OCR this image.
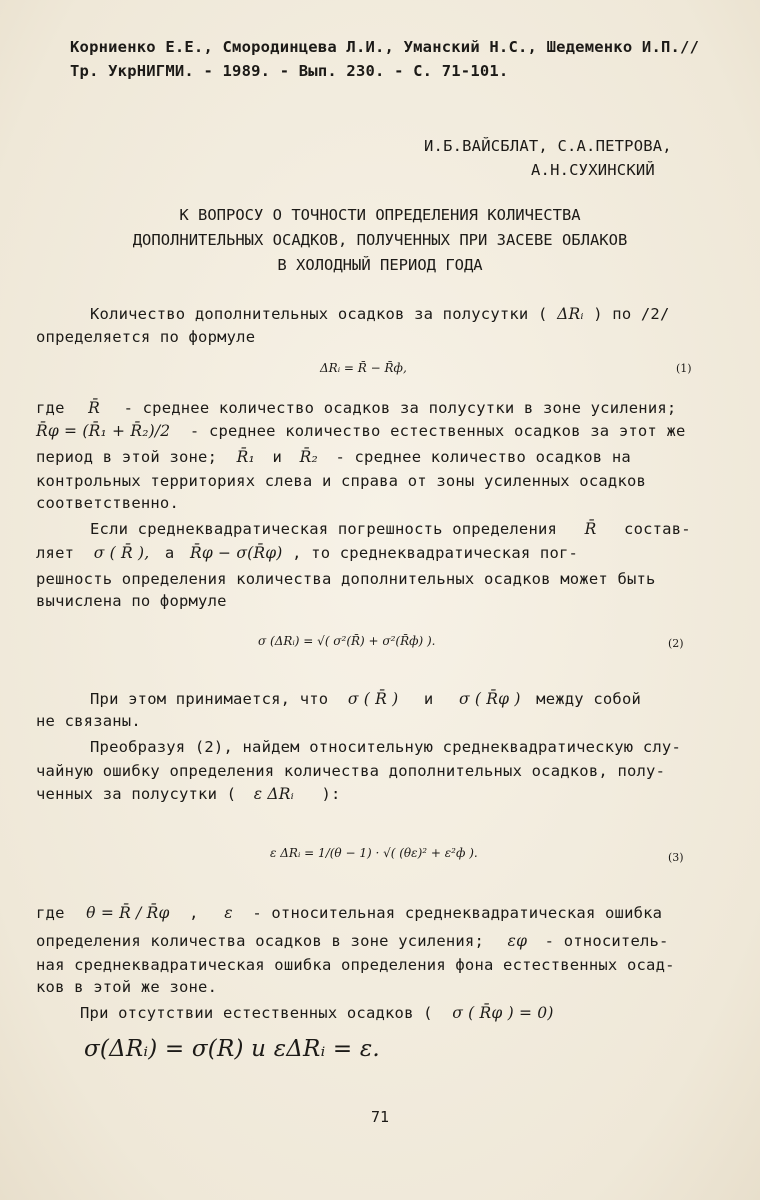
Корниенко Е.Е., Смородинцева Л.И., Уманский Н.С., Шедеменко И.П.//
Тр. УкрНИГМИ. - 1989. - Вып. 230. - С. 71-101.
И.Б.ВАЙСБЛАТ, С.А.ПЕТРОВА,
А.Н.СУХИНСКИЙ
К ВОПРОСУ О ТОЧНОСТИ ОПРЕДЕЛЕНИЯ КОЛИЧЕСТВА
ДОПОЛНИТЕЛЬНЫХ ОСАДКОВ, ПОЛУЧЕННЫХ ПРИ ЗАСЕВЕ ОБЛАКОВ
В ХОЛОДНЫЙ ПЕРИОД ГОДА
Количество дополнительных осадков за полусутки ( ΔRᵢ ) по /2/
определяется по формуле
ΔRᵢ = R̄ − R̄ф,	(1)
где R̄ - среднее количество осадков за полусутки в зоне усиления;
R̄φ = (R̄₁ + R̄₂)/2 - среднее количество естественных осадков за этот же
период в этой зоне; R̄₁ и R̄₂ - среднее количество осадков на
контрольных территориях слева и справа от зоны усиленных осадков
соответственно.
Если среднеквадратическая погрешность определения R̄ состав-
ляет σ ( R̄ ), а R̄φ − σ(R̄φ) , то среднеквадратическая пог-
решность определения количества дополнительных осадков может быть
вычислена по формуле
σ (ΔRᵢ) = √( σ²(R̄) + σ²(R̄ф) ).	(2)
При этом принимается, что σ ( R̄ ) и σ ( R̄φ ) между собой
не связаны.
Преобразуя (2), найдем относительную среднеквадратическую слу-
чайную ошибку определения количества дополнительных осадков, полу-
ченных за полусутки ( ε ΔRᵢ ):
ε ΔRᵢ = 1/(θ − 1) · √( (θε)² + ε²ф ).	(3)
где θ = R̄ / R̄φ , ε - относительная среднеквадратическая ошибка
определения количества осадков в зоне усиления; εφ - относитель-
ная среднеквадратическая ошибка определения фона естественных осад-
ков в этой же зоне.
При отсутствии естественных осадков ( σ ( R̄φ ) = 0)
σ(ΔRᵢ) = σ(R) и εΔRᵢ = ε.
71
